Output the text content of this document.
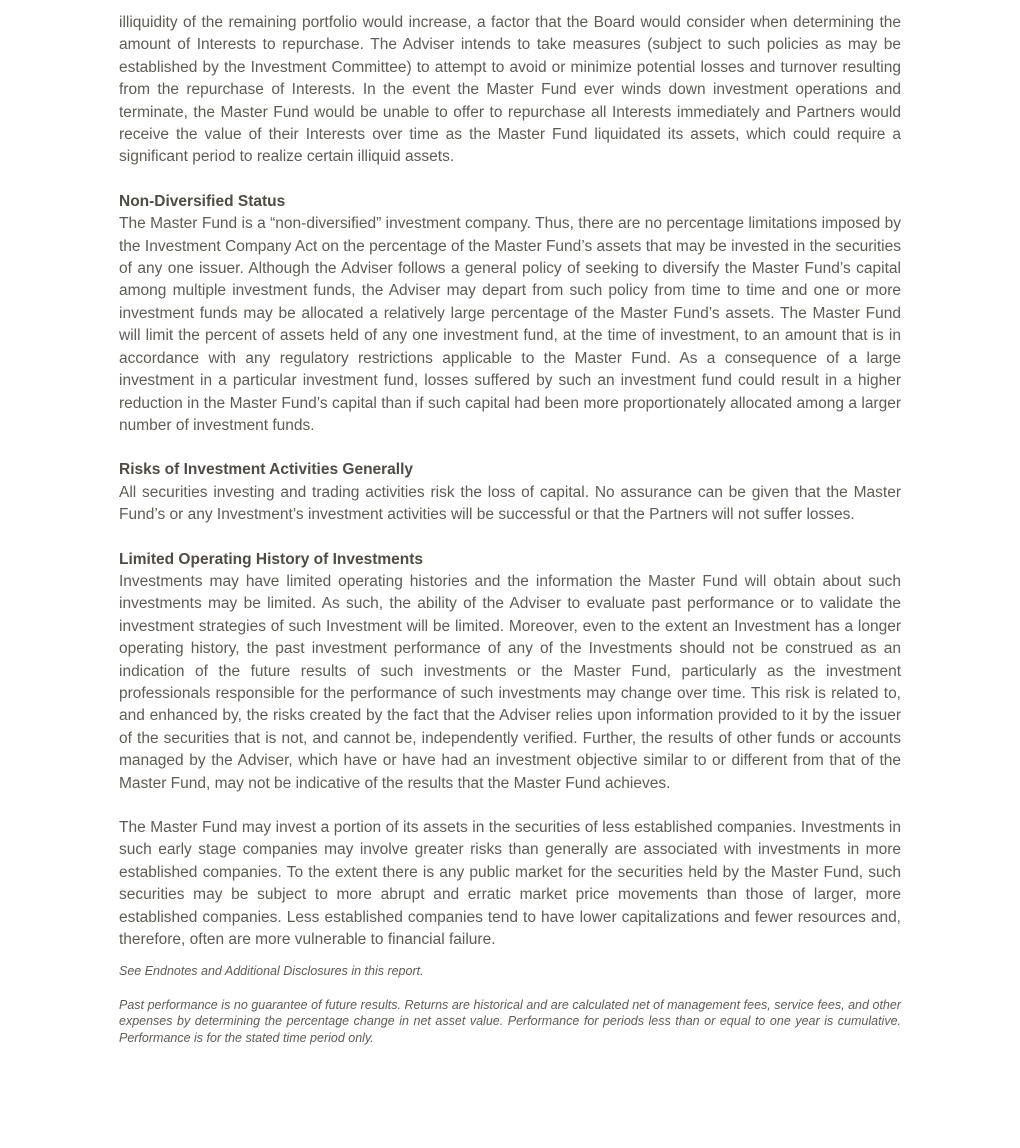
illiquidity of the remaining portfolio would increase, a factor that the Board would consider when determining the amount of Interests to repurchase. The Adviser intends to take measures (subject to such policies as may be established by the Investment Committee) to attempt to avoid or minimize potential losses and turnover resulting from the repurchase of Interests. In the event the Master Fund ever winds down investment operations and terminate, the Master Fund would be unable to offer to repurchase all Interests immediately and Partners would receive the value of their Interests over time as the Master Fund liquidated its assets, which could require a significant period to realize certain illiquid assets.

Non-Diversified Status

The Master Fund is a “non-diversified” investment company. Thus, there are no percentage limitations imposed by the Investment Company Act on the percentage of the Master Fund’s assets that may be invested in the securities of any one issuer. Although the Adviser follows a general policy of seeking to diversify the Master Fund’s capital among multiple investment funds, the Adviser may depart from such policy from time to time and one or more investment funds may be allocated a relatively large percentage of the Master Fund’s assets. The Master Fund will limit the percent of assets held of any one investment fund, at the time of investment, to an amount that is in accordance with any regulatory restrictions applicable to the Master Fund. As a consequence of a large investment in a particular investment fund, losses suffered by such an investment fund could result in a higher reduction in the Master Fund’s capital than if such capital had been more proportionately allocated among a larger number of investment funds.

Risks of Investment Activities Generally

All securities investing and trading activities risk the loss of capital. No assurance can be given that the Master Fund’s or any Investment’s investment activities will be successful or that the Partners will not suffer losses.

Limited Operating History of Investments

Investments may have limited operating histories and the information the Master Fund will obtain about such investments may be limited. As such, the ability of the Adviser to evaluate past performance or to validate the investment strategies of such Investment will be limited. Moreover, even to the extent an Investment has a longer operating history, the past investment performance of any of the Investments should not be construed as an indication of the future results of such investments or the Master Fund, particularly as the investment professionals responsible for the performance of such investments may change over time. This risk is related to, and enhanced by, the risks created by the fact that the Adviser relies upon information provided to it by the issuer of the securities that is not, and cannot be, independently verified. Further, the results of other funds or accounts managed by the Adviser, which have or have had an investment objective similar to or different from that of the Master Fund, may not be indicative of the results that the Master Fund achieves.

The Master Fund may invest a portion of its assets in the securities of less established companies. Investments in such early stage companies may involve greater risks than generally are associated with investments in more established companies. To the extent there is any public market for the securities held by the Master Fund, such securities may be subject to more abrupt and erratic market price movements than those of larger, more established companies. Less established companies tend to have lower capitalizations and fewer resources and, therefore, often are more vulnerable to financial failure.

See Endnotes and Additional Disclosures in this report.

Past performance is no guarantee of future results. Returns are historical and are calculated net of management fees, service fees, and other expenses by determining the percentage change in net asset value. Performance for periods less than or equal to one year is cumulative. Performance is for the stated time period only.
